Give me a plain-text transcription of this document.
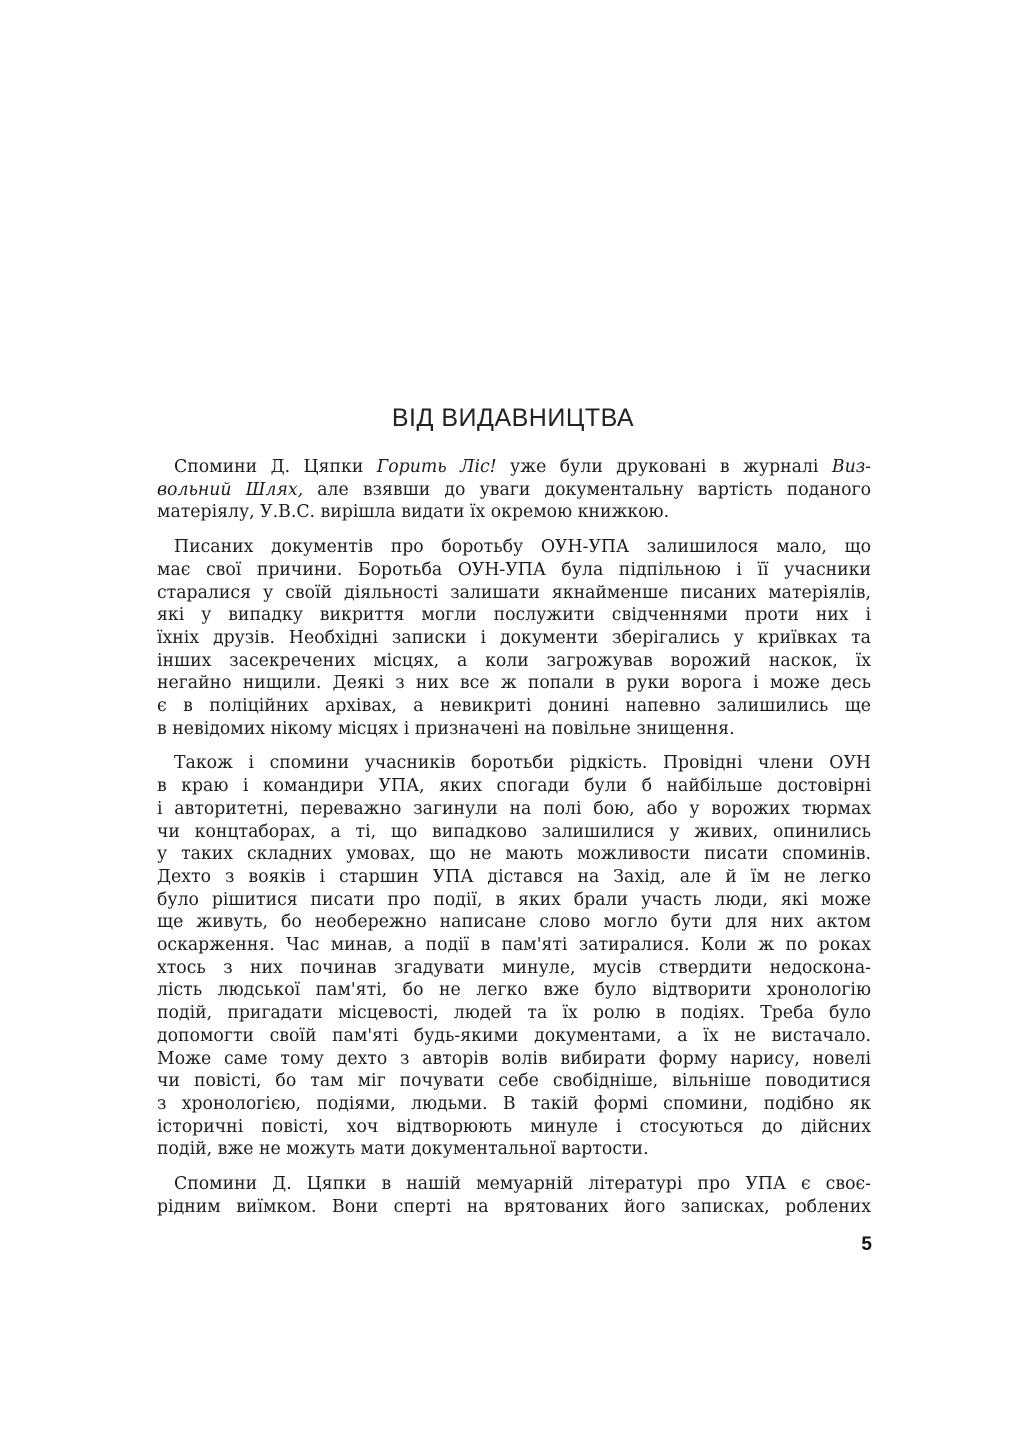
ВІД ВИДАВНИЦТВА
Спомини Д. Цяпки Горить Ліс! уже були друковані в журналі Виз-
вольний Шлях, але взявши до уваги документальну вартість поданого
матеріялу, У.В.С. вирішла видати їх окремою книжкою.
Писаних документів про боротьбу ОУН-УПА залишилося мало, що
має свої причини. Боротьба ОУН-УПА була підпільною і її учасники
старалися у своїй діяльності залишати якнайменше писаних матеріялів,
які у випадку викриття могли послужити свідченнями проти них і
їхніх друзів. Необхідні записки і документи зберігались у криївках та
інших засекречених місцях, а коли загрожував ворожий наскок, їх
негайно нищили. Деякі з них все ж попали в руки ворога і може десь
є в поліційних архівах, а невикриті донині напевно залишились ще
в невідомих нікому місцях і призначені на повільне знищення.
Також і спомини учасників боротьби рідкість. Провідні члени ОУН
в краю і командири УПА, яких спогади були б найбільше достовірні
і авторитетні, переважно загинули на полі бою, або у ворожих тюрмах
чи концтаборах, а ті, що випадково залишилися у живих, опинились
у таких складних умовах, що не мають можливости писати споминів.
Дехто з вояків і старшин УПА дістався на Захід, але й їм не легко
було рішитися писати про події, в яких брали участь люди, які може
ще живуть, бо необережно написане слово могло бути для них актом
оскарження. Час минав, а події в пам'яті затиралися. Коли ж по роках
хтось з них починав згадувати минуле, мусів ствердити недоскона-
лість людської пам'яті, бо не легко вже було відтворити хронологію
подій, пригадати місцевості, людей та їх ролю в подіях. Треба було
допомогти своїй пам'яті будь-якими документами, а їх не вистачало.
Може саме тому дехто з авторів волів вибирати форму нарису, новелі
чи повісті, бо там міг почувати себе свобідніше, вільніше поводитися
з хронологією, подіями, людьми. В такій формі спомини, подібно як
історичні повісті, хоч відтворюють минуле і стосуються до дійсних
подій, вже не можуть мати документальної вартости.
Спомини Д. Цяпки в нашій мемуарній літературі про УПА є своє-
рідним виїмком. Вони сперті на врятованих його записках, роблених
5
